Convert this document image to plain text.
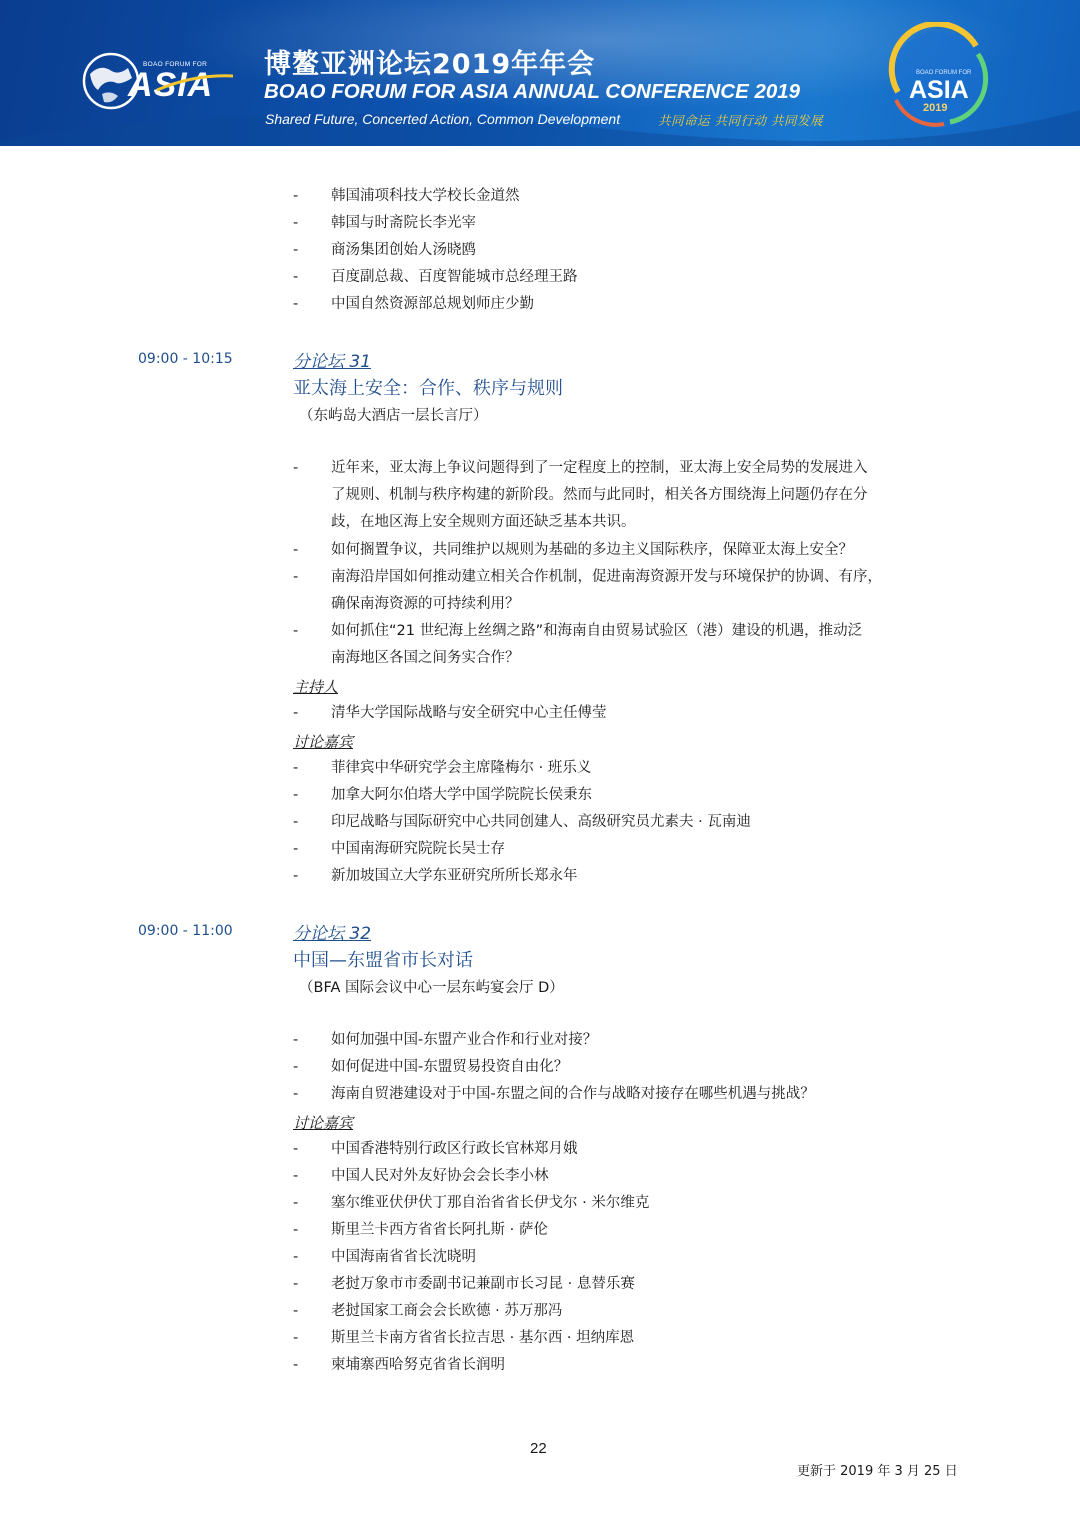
BOAO FORUM FOR
ASIA
博鳌亚洲论坛2019年年会
BOAO FORUM FOR ASIA ANNUAL CONFERENCE 2019
Shared Future, Concerted Action, Common Development	共同命运 共同行动 共同发展
BOAO FORUM FOR
ASIA
2019
- 韩国浦项科技大学校长金道然
- 韩国与时斋院长李光宰
- 商汤集团创始人汤晓鸥
- 百度副总裁、百度智能城市总经理王路
- 中国自然资源部总规划师庄少勤
09:00 - 10:15	分论坛 31
亚太海上安全：合作、秩序与规则
（东屿岛大酒店一层长言厅）
- 近年来，亚太海上争议问题得到了一定程度上的控制，亚太海上安全局势的发展进入
了规则、机制与秩序构建的新阶段。然而与此同时，相关各方围绕海上问题仍存在分
歧，在地区海上安全规则方面还缺乏基本共识。
- 如何搁置争议，共同维护以规则为基础的多边主义国际秩序，保障亚太海上安全？
- 南海沿岸国如何推动建立相关合作机制，促进南海资源开发与环境保护的协调、有序，
确保南海资源的可持续利用？
- 如何抓住“21 世纪海上丝绸之路”和海南自由贸易试验区（港）建设的机遇，推动泛
南海地区各国之间务实合作？
主持人
- 清华大学国际战略与安全研究中心主任傅莹
讨论嘉宾
- 菲律宾中华研究学会主席隆梅尔 · 班乐义
- 加拿大阿尔伯塔大学中国学院院长侯秉东
- 印尼战略与国际研究中心共同创建人、高级研究员尤素夫 · 瓦南迪
- 中国南海研究院院长吴士存
- 新加坡国立大学东亚研究所所长郑永年
09:00 - 11:00	分论坛 32
中国—东盟省市长对话
（BFA 国际会议中心一层东屿宴会厅 D）
- 如何加强中国-东盟产业合作和行业对接？
- 如何促进中国-东盟贸易投资自由化？
- 海南自贸港建设对于中国-东盟之间的合作与战略对接存在哪些机遇与挑战？
讨论嘉宾
- 中国香港特别行政区行政长官林郑月娥
- 中国人民对外友好协会会长李小林
- 塞尔维亚伏伊伏丁那自治省省长伊戈尔 · 米尔维克
- 斯里兰卡西方省省长阿扎斯 · 萨伦
- 中国海南省省长沈晓明
- 老挝万象市市委副书记兼副市长习昆 · 息替乐赛
- 老挝国家工商会会长欧德 · 苏万那冯
- 斯里兰卡南方省省长拉吉思 · 基尔西 · 坦纳库恩
- 柬埔寨西哈努克省省长润明
22
更新于 2019 年 3 月 25 日
